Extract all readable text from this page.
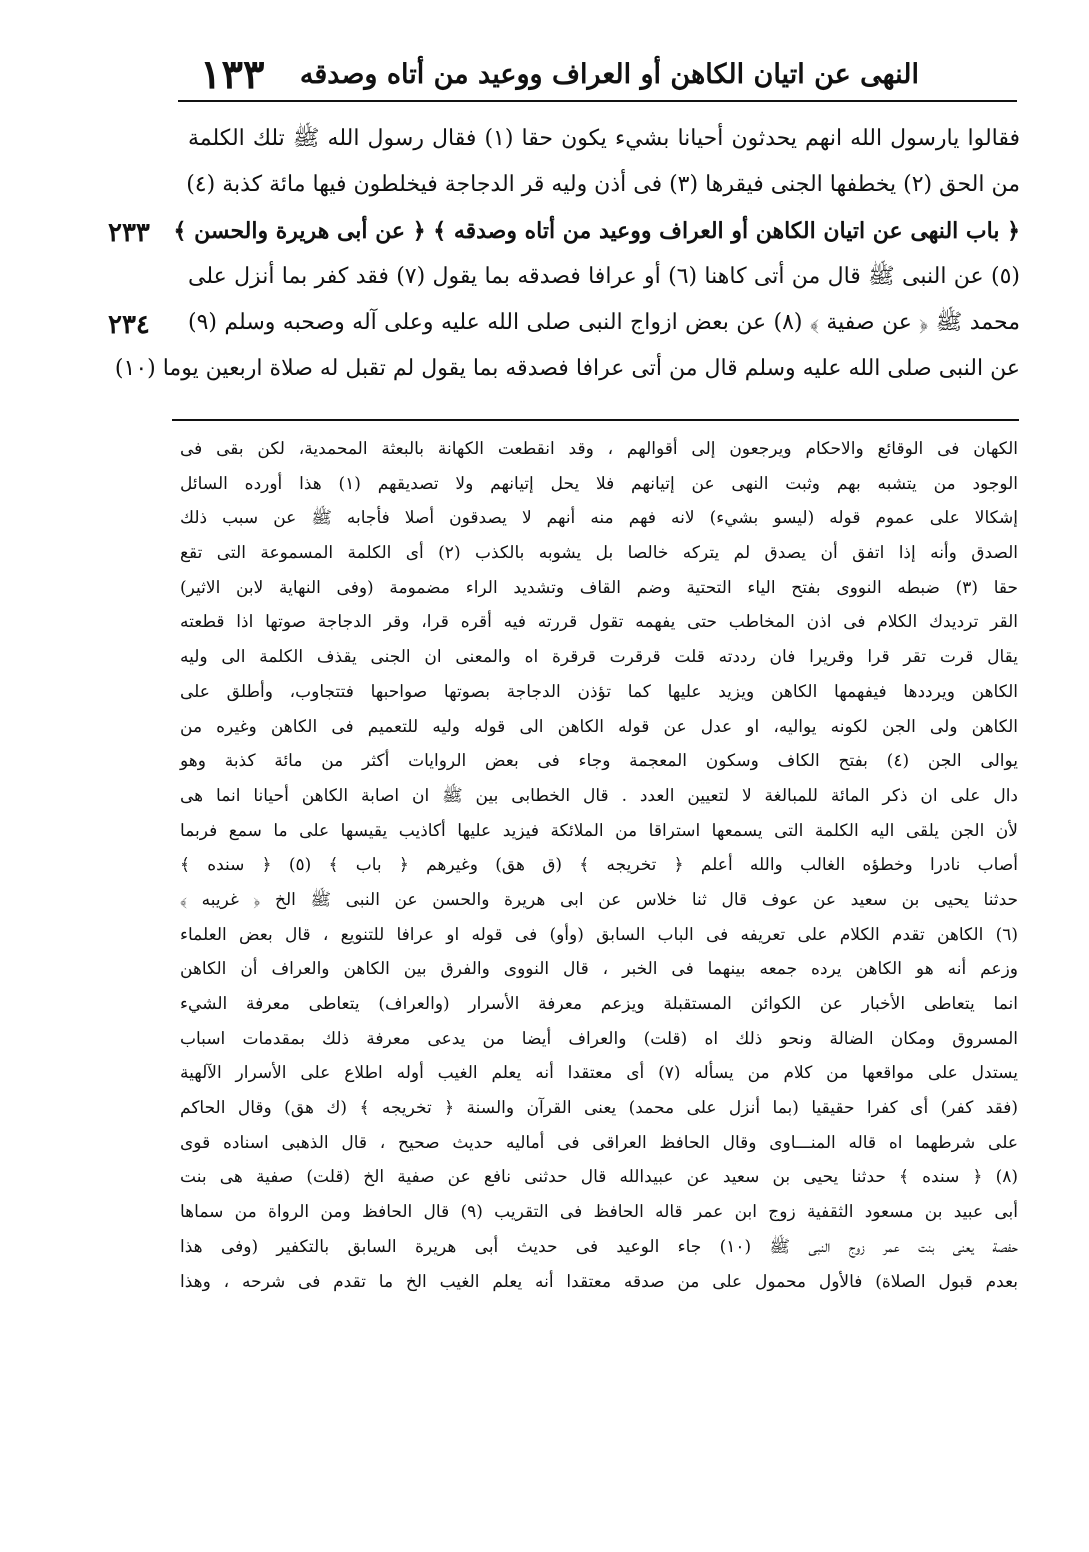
النهى عن اتيان الكاهن أو العراف ووعيد من أتاه وصدقه
١٣٣
٢٣٣
٢٣٤
فقالوا يارسول الله انهم يحدثون أحيانا بشيء يكون حقا (١) فقال رسول الله ﷺ تلك الكلمة
من الحق (٢) يخطفها الجنى فيقرها (٣) فى أذن وليه قر الدجاجة فيخلطون فيها مائة كذبة (٤)
﴿ باب النهى عن اتيان الكاهن أو العراف ووعيد من أتاه وصدقه ﴾ ﴿ عن أبى هريرة والحسن ﴾
(٥) عن النبى ﷺ قال من أتى كاهنا (٦) أو عرافا فصدقه بما يقول (٧) فقد كفر بما أنزل على
محمد ﷺ ﴿ عن صفية ﴾ (٨) عن بعض ازواج النبى صلى الله عليه وعلى آله وصحبه وسلم (٩)
عن النبى صلى الله عليه وسلم قال من أتى عرافا فصدقه بما يقول لم تقبل له صلاة اربعين يوما (١٠)
الكهان فى الوقائع والاحكام ويرجعون إلى أقوالهم ، وقد انقطعت الكهانة بالبعثة المحمدية، لكن بقى فى
الوجود من يتشبه بهم وثبت النهى عن إتيانهم فلا يحل إتيانهم ولا تصديقهم (١) هذا أورده السائل
إشكالا على عموم قوله (ليسو بشيء) لانه فهم منه أنهم لا يصدقون أصلا فأجابه ﷺ عن سبب ذلك
الصدق وأنه إذا اتفق أن يصدق لم يتركه خالصا بل يشوبه بالكذب (٢) أى الكلمة المسموعة التى تقع
حقا (٣) ضبطه النووى بفتح الياء التحتية وضم القاف وتشديد الراء مضمومة (وفى النهاية لابن الاثير)
القر ترديدك الكلام فى اذن المخاطب حتى يفهمه تقول قررته فيه أقره قرا، وقر الدجاجة صوتها اذا قطعته
يقال قرت تقر قرا وقريرا فان رددته قلت قرقرت قرقرة اه والمعنى ان الجنى يقذف الكلمة الى وليه
الكاهن ويرددها فيفهمها الكاهن ويزيد عليها كما تؤذن الدجاجة بصوتها صواحبها فتتجاوب، وأطلق على
الكاهن ولى الجن لكونه يواليه، او عدل عن قوله الكاهن الى قوله وليه للتعميم فى الكاهن وغيره من
يوالى الجن (٤) بفتح الكاف وسكون المعجمة وجاء فى بعض الروايات أكثر من مائة كذبة وهو
دال على ان ذكر المائة للمبالغة لا لتعيين العدد . قال الخطابى بين ﷺ ان اصابة الكاهن أحيانا انما هى
لأن الجن يلقى اليه الكلمة التى يسمعها استراقا من الملائكة فيزيد عليها أكاذيب يقيسها على ما سمع فربما
أصاب نادرا وخطؤه الغالب والله أعلم ﴿ تخريجه ﴾ (ق هق) وغيرهم ﴿ باب ﴾ (٥) ﴿ سنده ﴾
حدثنا يحيى بن سعيد عن عوف قال ثنا خلاس عن ابى هريرة والحسن عن النبى ﷺ الخ ﴿ غريبه ﴾
(٦) الكاهن تقدم الكلام على تعريفه فى الباب السابق (وأو) فى قوله او عرافا للتنويع ، قال بعض العلماء
وزعم أنه هو الكاهن يرده جمعه بينهما فى الخبر ، قال النووى والفرق بين الكاهن والعراف أن الكاهن
انما يتعاطى الأخبار عن الكوائن المستقبلة ويزعم معرفة الأسرار (والعراف) يتعاطى معرفة الشيء
المسروق ومكان الضالة ونحو ذلك اه (قلت) والعراف أيضا من يدعى معرفة ذلك بمقدمات اسباب
يستدل على مواقعها من كلام من يسأله (٧) أى معتقدا أنه يعلم الغيب أوله اطلاع على الأسرار الآلهية
(فقد كفر) أى كفرا حقيقيا (بما أنزل على محمد) يعنى القرآن والسنة ﴿ تخريجه ﴾ (ك هق) وقال الحاكم
على شرطهما اه قاله المنـــاوى وقال الحافظ العراقى فى أماليه حديث صحيح ، قال الذهبى اسناده قوى
(٨) ﴿ سنده ﴾ حدثنا يحيى بن سعيد عن عبيدالله قال حدثنى نافع عن صفية الخ (قلت) صفية هى بنت
أبى عبيد بن مسعود الثقفية زوج ابن عمر قاله الحافظ فى التقريب (٩) قال الحافظ ومن الرواة من سماها
حفصة يعنى بنت عمر زوج النبى ﷺ (١٠) جاء الوعيد فى حديث أبى هريرة السابق بالتكفير (وفى هذا
بعدم قبول الصلاة) فالأول محمول على من صدقه معتقدا أنه يعلم الغيب الخ ما تقدم فى شرحه ، وهذا
